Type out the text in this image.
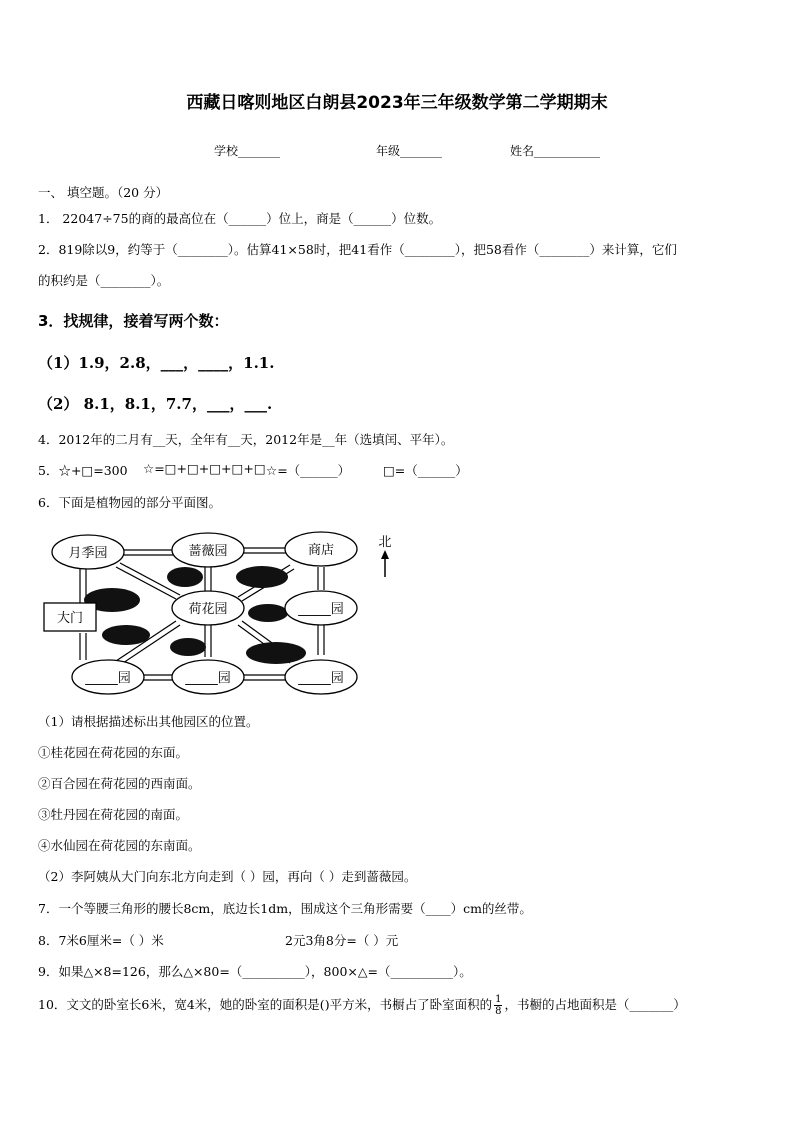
西藏日喀则地区白朗县2023年三年级数学第二学期期末
学校_______	年级_______	姓名___________
一、 填空题。（20 分）
1． 22047÷75的商的最高位在（______）位上，商是（______）位数。
2．819除以9，约等于（________）。估算41×58时，把41看作（________），把58看作（________）来计算，它们
的积约是（________）。
3．找规律，接着写两个数：
（1）1.9，2.8，___，____，1.1.
（2） 8.1，8.1，7.7，___，___.
4．2012年的二月有__天，全年有__天，2012年是__年（选填闰、平年）。
5．☆+□=300 ☆=□+□+□+□+□ ☆=（______）	□=（______）
6．下面是植物园的部分平面图。
月季园	蔷薇园	商店
荷花园	_____园
_____园	_____园	_____园
大门
北
（1）请根据描述标出其他园区的位置。
①桂花园在荷花园的东面。
②百合园在荷花园的西南面。
③牡丹园在荷花园的南面。
④水仙园在荷花园的东南面。
（2）李阿姨从大门向东北方向走到（ ）园，再向（ ）走到蔷薇园。
7．一个等腰三角形的腰长8cm，底边长1dm，围成这个三角形需要（____）cm的丝带。
8．7米6厘米=（ ）米	2元3角8分=（ ）元
9．如果△×8=126，那么△×80=（__________），800×△=（__________）。
10．文文的卧室长6米，宽4米，她的卧室的面积是()平方米，书橱占了卧室面积的 $\frac{1}{8}$ ，书橱的占地面积是（_______）
